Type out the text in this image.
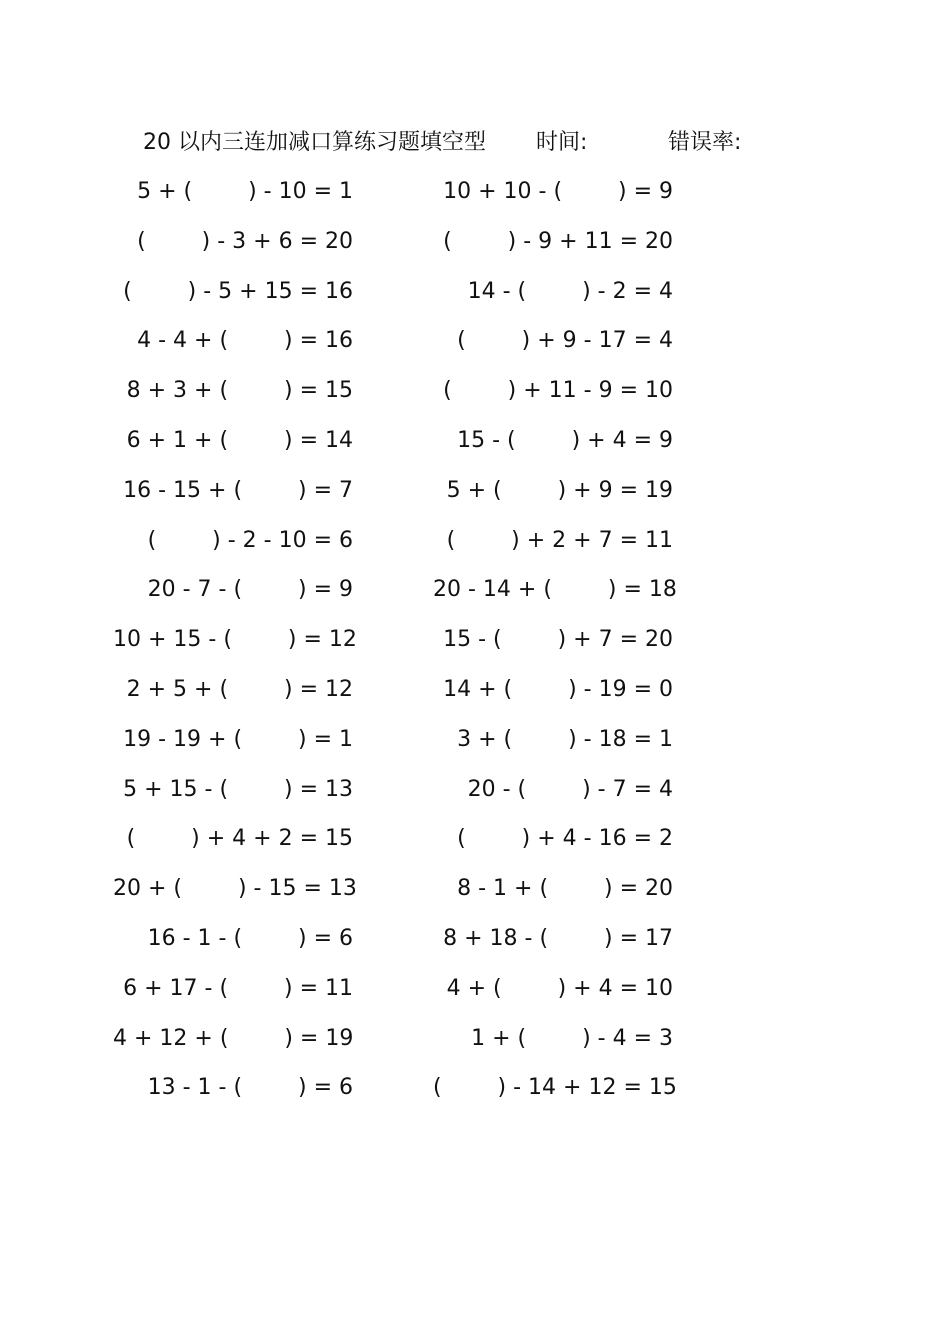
20 以内三连加减口算练习题填空型 时间:	错误率:
5 + (        ) - 10 = 1
(        ) - 3 + 6 = 20
(        ) - 5 + 15 = 16
4 - 4 + (        ) = 16
8 + 3 + (        ) = 15
6 + 1 + (        ) = 14
16 - 15 + (        ) = 7
(        ) - 2 - 10 = 6
20 - 7 - (        ) = 9
10 + 15 - (        ) = 12
2 + 5 + (        ) = 12
19 - 19 + (        ) = 1
5 + 15 - (        ) = 13
(        ) + 4 + 2 = 15
20 + (        ) - 15 = 13
16 - 1 - (        ) = 6
6 + 17 - (        ) = 11
4 + 12 + (        ) = 19
13 - 1 - (        ) = 6
10 + 10 - (        ) = 9
(        ) - 9 + 11 = 20
14 - (        ) - 2 = 4
(        ) + 9 - 17 = 4
(        ) + 11 - 9 = 10
15 - (        ) + 4 = 9
5 + (        ) + 9 = 19
(        ) + 2 + 7 = 11
20 - 14 + (        ) = 18
15 - (        ) + 7 = 20
14 + (        ) - 19 = 0
3 + (        ) - 18 = 1
20 - (        ) - 7 = 4
(        ) + 4 - 16 = 2
8 - 1 + (        ) = 20
8 + 18 - (        ) = 17
4 + (        ) + 4 = 10
1 + (        ) - 4 = 3
(        ) - 14 + 12 = 15
